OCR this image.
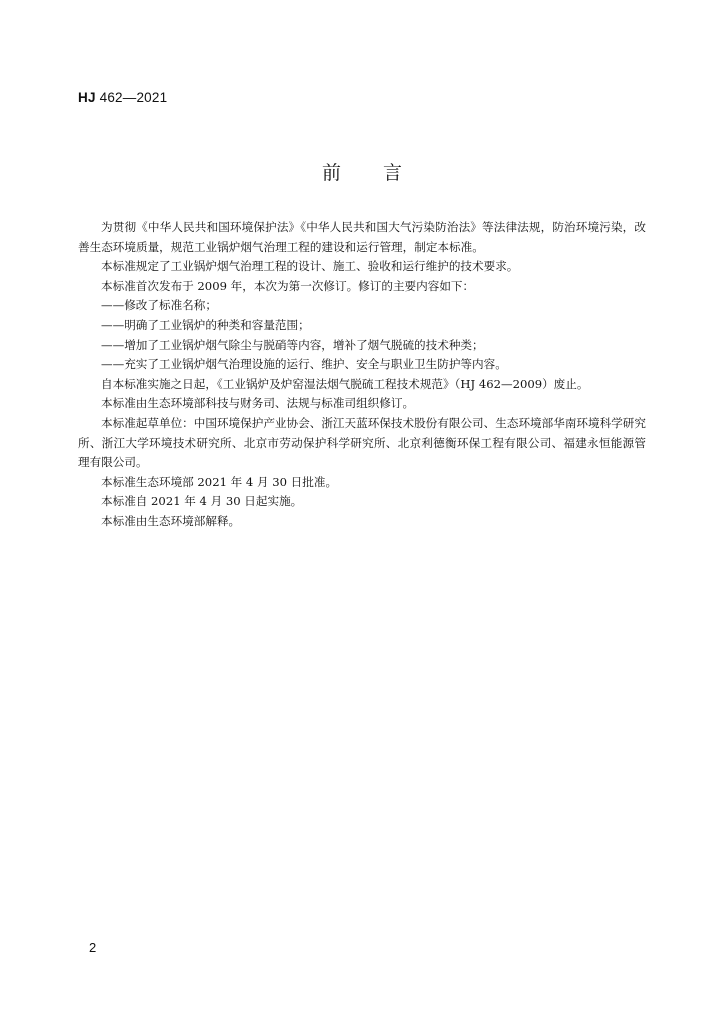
HJ 462—2021
前言

为贯彻《中华人民共和国环境保护法》《中华人民共和国大气污染防治法》等法律法规，防治环境污染，改善生态环境质量，规范工业锅炉烟气治理工程的建设和运行管理，制定本标准。

本标准规定了工业锅炉烟气治理工程的设计、施工、验收和运行维护的技术要求。

本标准首次发布于 2009 年，本次为第一次修订。修订的主要内容如下：

——修改了标准名称；

——明确了工业锅炉的种类和容量范围；

——增加了工业锅炉烟气除尘与脱硝等内容，增补了烟气脱硫的技术种类；

——充实了工业锅炉烟气治理设施的运行、维护、安全与职业卫生防护等内容。

自本标准实施之日起，《工业锅炉及炉窑湿法烟气脱硫工程技术规范》（HJ 462—2009）废止。

本标准由生态环境部科技与财务司、法规与标准司组织修订。

本标准起草单位：中国环境保护产业协会、浙江天蓝环保技术股份有限公司、生态环境部华南环境科学研究所、浙江大学环境技术研究所、北京市劳动保护科学研究所、北京利德衡环保工程有限公司、福建永恒能源管理有限公司。

本标准生态环境部 2021 年 4 月 30 日批准。

本标准自 2021 年 4 月 30 日起实施。

本标准由生态环境部解释。

2
